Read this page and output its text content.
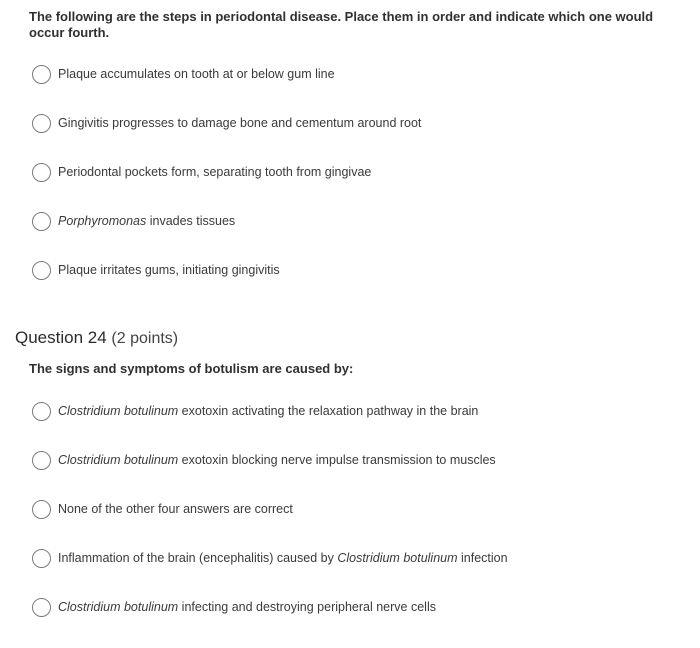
The following are the steps in periodontal disease. Place them in order and indicate which one would occur fourth.

Plaque accumulates on tooth at or below gum line
Gingivitis progresses to damage bone and cementum around root
Periodontal pockets form, separating tooth from gingivae
Porphyromonas invades tissues
Plaque irritates gums, initiating gingivitis
Question 24 (2 points)

The signs and symptoms of botulism are caused by:

Clostridium botulinum exotoxin activating the relaxation pathway in the brain
Clostridium botulinum exotoxin blocking nerve impulse transmission to muscles
None of the other four answers are correct
Inflammation of the brain (encephalitis) caused by Clostridium botulinum infection
Clostridium botulinum infecting and destroying peripheral nerve cells
